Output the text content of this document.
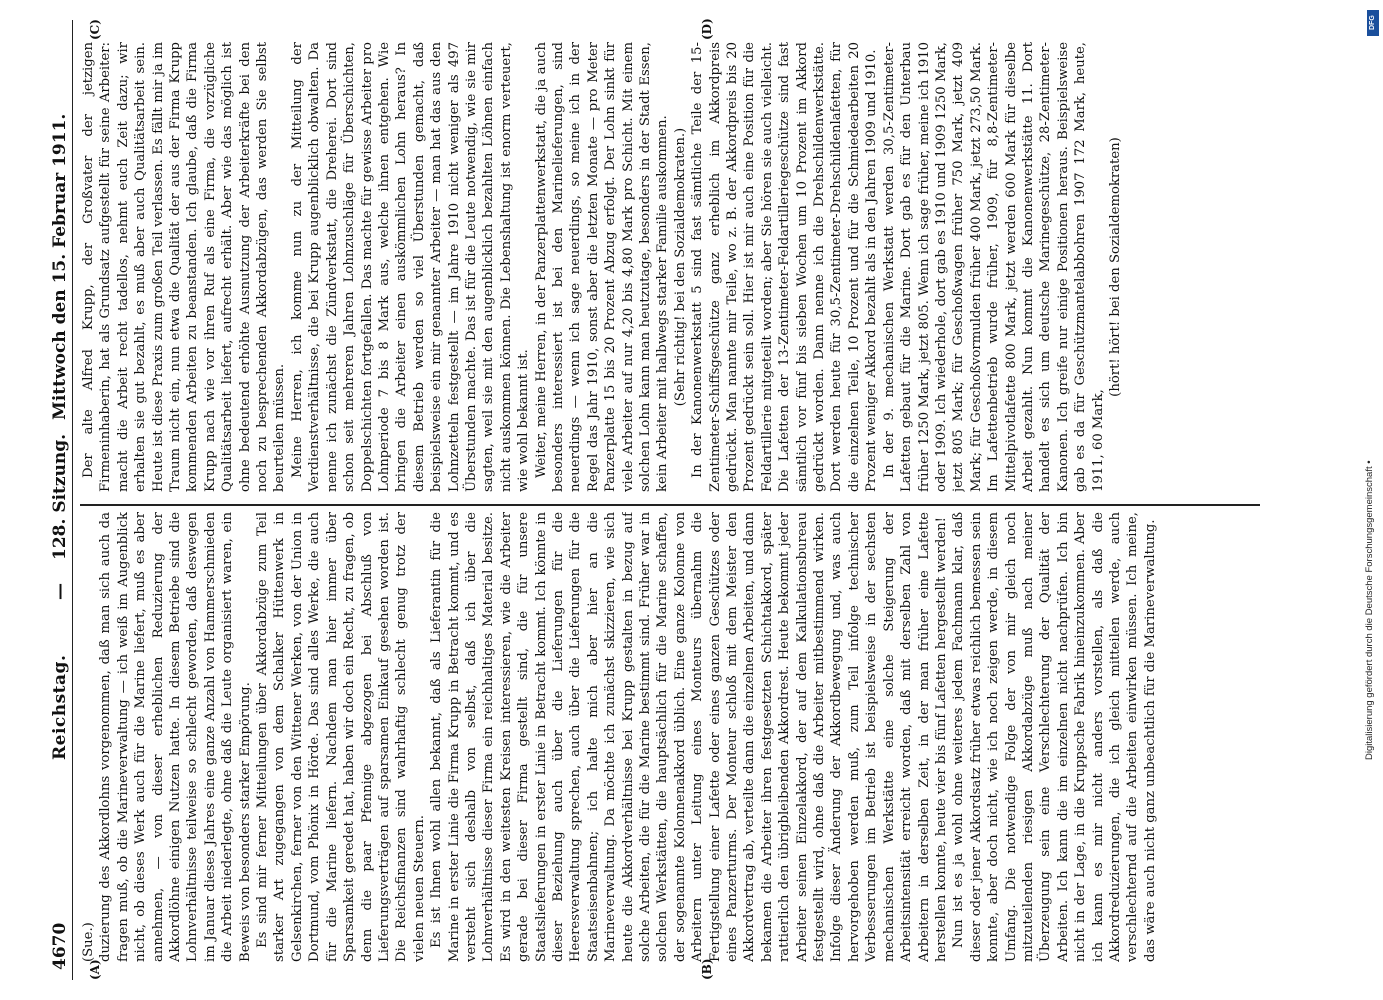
4670
Reichstag.
—
128. Sitzung.
Mittwoch den 15. Februar 1911.
(A)	(B)
(C)	(D)

(Sue.) duzierung des Akkordlohns vorgenommen, daß man sich auch da fragen muß, ob die Marineverwaltung — ich weiß im Augenblick nicht, ob dieses Werk auch für die Marine liefert, muß es aber annehmen, — von dieser erheblichen Reduzierung der Akkordlöhne einigen Nutzen hatte. In diesem Betriebe sind die Lohnverhältnisse teilweise so schlecht geworden, daß deswegen im Januar dieses Jahres eine ganze Anzahl von Hammerschmieden die Arbeit niederlegte, ohne daß die Leute organisiert waren, ein Beweis von besonders starker Empörung. Es sind mir ferner Mitteilungen über Akkordabzüge zum Teil starker Art zugegangen von dem Schalker Hüttenwerk in Gelsenkirchen, ferner von den Wittener Werken, von der Union in Dortmund, vom Phönix in Hörde. Das sind alles Werke, die auch für die Marine liefern. Nachdem man hier immer über Sparsamkeit geredet hat, haben wir doch ein Recht, zu fragen, ob denn die paar Pfennige abgezogen bei Abschluß von Lieferungsverträgen auf sparsamen Einkauf gesehen worden ist. Die Reichsfinanzen sind wahrhaftig schlecht genug trotz der vielen neuen Steuern. Es ist Ihnen wohl allen bekannt, daß als Lieferantin für die Marine in erster Linie die Firma Krupp in Betracht kommt, und es versteht sich deshalb von selbst, daß ich über die Lohnverhältnisse dieser Firma ein reichhaltiges Material besitze. Es wird in den weitesten Kreisen interessieren, wie die Arbeiter gerade bei dieser Firma gestellt sind, die für unsere Staatslieferungen in erster Linie in Betracht kommt. Ich könnte in dieser Beziehung auch über die Lieferungen für die Heeresverwaltung sprechen, auch über die Lieferungen für die Staatseisenbahnen; ich halte mich aber hier an die Marineverwaltung. Da möchte ich zunächst skizzieren, wie sich heute die Akkordverhältnisse bei Krupp gestalten in bezug auf solche Arbeiten, die für die Marine bestimmt sind. Früher war in solchen Werkstätten, die hauptsächlich für die Marine schaffen, der sogenannte Kolonnenakkord üblich. Eine ganze Kolonne von Arbeitern unter Leitung eines Monteurs übernahm die Fertigstellung einer Lafette oder eines ganzen Geschützes oder eines Panzerturms. Der Monteur schloß mit dem Meister den Akkordvertrag ab, verteilte dann die einzelnen Arbeiten, und dann bekamen die Arbeiter ihren festgesetzten Schichtakkord, später rattierlich den übrigbleibenden Akkordrest. Heute bekommt jeder Arbeiter seinen Einzelakkord, der auf dem Kalkulationsbureau festgestellt wird, ohne daß die Arbeiter mitbestimmend wirken. Infolge dieser Änderung der Akkordbewegung und, was auch hervorgehoben werden muß, zum Teil infolge technischer Verbesserungen im Betrieb ist beispielsweise in der sechsten mechanischen Werkstätte eine solche Steigerung der Arbeitsintensität erreicht worden, daß mit derselben Zahl von Arbeitern in derselben Zeit, in der man früher eine Lafette herstellen konnte, heute vier bis fünf Lafetten hergestellt werden! Nun ist es ja wohl ohne weiteres jedem Fachmann klar, daß dieser oder jener Akkordsatz früher etwas reichlich bemessen sein konnte, aber doch nicht, wie ich noch zeigen werde, in diesem Umfang. Die notwendige Folge der von mir gleich noch mitzuteilenden riesigen Akkordabzüge muß nach meiner Überzeugung sein eine Verschlechterung der Qualität der Arbeiten. Ich kann die im einzelnen nicht nachprüfen. Ich bin nicht in der Lage, in die Kruppsche Fabrik hineinzukommen. Aber ich kann es mir nicht anders vorstellen, als daß die Akkordreduzierungen, die ich gleich mitteilen werde, auch verschlechternd auf die Arbeiten einwirken müssen. Ich meine, das wäre auch nicht ganz unbeachtlich für die Marineverwaltung.

Der alte Alfred Krupp, der Großvater der jetzigen Firmeninhaberin, hat als Grundsatz aufgestellt für seine Arbeiter: macht die Arbeit recht tadellos, nehmt euch Zeit dazu; wir erhalten sie gut bezahlt, es muß aber auch Qualitätsarbeit sein. Heute ist diese Praxis zum großen Teil verlassen. Es fällt mir ja im Traum nicht ein, nun etwa die Qualität der aus der Firma Krupp kommenden Arbeiten zu beanstanden. Ich glaube, daß die Firma Krupp nach wie vor ihren Ruf als eine Firma, die vorzügliche Qualitätsarbeit liefert, aufrecht erhält. Aber wie das möglich ist ohne bedeutend erhöhte Ausnutzung der Arbeiterkräfte bei den noch zu besprechenden Akkordabzügen, das werden Sie selbst beurteilen müssen. Meine Herren, ich komme nun zu der Mitteilung der Verdienstverhältnisse, die bei Krupp augenblicklich obwalten. Da nenne ich zunächst die Zündverkstatt, die Dreherei. Dort sind schon seit mehreren Jahren Lohnzuschläge für Überschichten, Doppelschichten fortgefallen. Das machte für gewisse Arbeiter pro Lohnperiode 7 bis 8 Mark aus, welche ihnen entgehen. Wie bringen die Arbeiter einen auskömmlichen Lohn heraus? In diesem Betrieb werden so viel Überstunden gemacht, daß beispielsweise ein mir genannter Arbeiter — man hat das aus den Lohnzetteln festgestellt — im Jahre 1910 nicht weniger als 497 Überstunden machte. Das ist für die Leute notwendig, wie sie mir sagten, weil sie mit den augenblicklich bezahlten Löhnen einfach nicht auskommen können. Die Lebenshaltung ist enorm verteuert, wie wohl bekannt ist. Weiter, meine Herren, in der Panzerplattenwerkstatt, die ja auch besonders interessiert ist bei den Marinelieferungen, sind neuerdings — wenn ich sage neuerdings, so meine ich in der Regel das Jahr 1910, sonst aber die letzten Monate — pro Meter Panzerplatte 15 bis 20 Prozent Abzug erfolgt. Der Lohn sinkt für viele Arbeiter auf nur 4,20 bis 4,80 Mark pro Schicht. Mit einem solchen Lohn kann man heutzutage, besonders in der Stadt Essen, kein Arbeiter mit halbwegs starker Familie auskommen. (Sehr richtig! bei den Sozialdemokraten.) In der Kanonenwerkstatt 5 sind fast sämtliche Teile der 15-Zentimeter-Schiffsgeschütze ganz erheblich im Akkordpreis gedrückt. Man nannte mir Teile, wo z. B. der Akkordpreis bis 20 Prozent gedrückt sein soll. Hier ist mir auch eine Position für die Feldartillerie mitgeteilt worden; aber Sie hören sie auch vielleicht. Die Lafetten der 13-Zentimeter-Feldartilleriegeschütze sind fast sämtlich vor fünf bis sieben Wochen um 10 Prozent im Akkord gedrückt worden. Dann nenne ich die Drehschildenwerkstätte. Dort werden heute für 30,5-Zentimeter-Drehschildenlafetten, für die einzelnen Teile, 10 Prozent und für die Schmiedearbeiten 20 Prozent weniger Akkord bezahlt als in den Jahren 1909 und 1910. In der 9. mechanischen Werkstatt werden 30,5-Zentimeter-Lafetten gebaut für die Marine. Dort gab es für den Unterbau früher 1250 Mark, jetzt 805. Wenn ich sage früher, meine ich 1910 oder 1909. Ich wiederhole, dort gab es 1910 und 1909 1250 Mark, jetzt 805 Mark; für Geschoßwagen früher 750 Mark, jetzt 409 Mark; für Geschoßvormulden früher 400 Mark, jetzt 273,50 Mark. Im Lafettenbetrieb wurde früher, 1909, für 8,8-Zentimeter-Mittelpivotlafette 800 Mark, jetzt werden 600 Mark für dieselbe Arbeit gezahlt. Nun kommt die Kanonenwerkstätte 11. Dort handelt es sich um deutsche Marinegeschütze, 28-Zentimeter-Kanonen. Ich greife nur einige Positionen heraus. Beispielsweise gab es da für Geschützmantelabbohren 1907 172 Mark, heute, 1911, 60 Mark,

(hört! hört! bei den Sozialdemokraten)

DFG
Digitalisierung gefördert durch die Deutsche Forschungsgemeinschaft •
